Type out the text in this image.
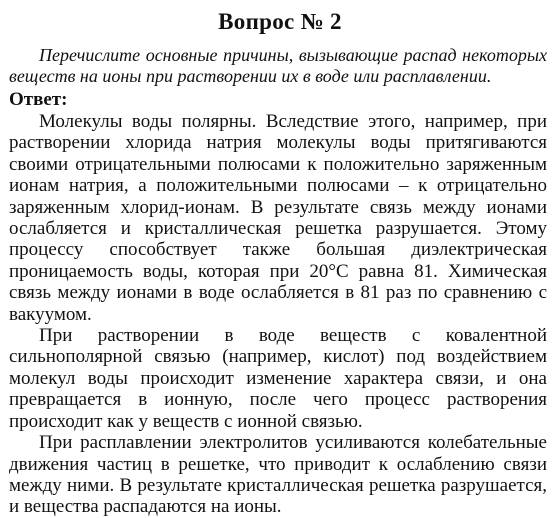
Вопрос № 2
Перечислите основные причины, вызывающие распад некоторых веществ на ионы при растворении их в воде или расплавлении.
Ответ:

Молекулы воды полярны. Вследствие этого, например, при растворении хлорида натрия молекулы воды притягиваются своими отрицательными полюсами к положительно заряженным ионам натрия, а положительными полюсами – к отрицательно заряженным хлорид-ионам. В результате связь между ионами ослабляется и кристаллическая решетка разрушается. Этому процессу способствует также большая диэлектрическая проницаемость воды, которая при 20°С равна 81. Химическая связь между ионами в воде ослабляется в 81 раз по сравнению с вакуумом.

При растворении в воде веществ с ковалентной сильнополярной связью (например, кислот) под воздействием молекул воды происходит изменение характера связи, и она превращается в ионную, после чего процесс растворения происходит как у веществ с ионной связью.

При расплавлении электролитов усиливаются колебательные движения частиц в решетке, что приводит к ослаблению связи между ними. В результате кристаллическая решетка разрушается, и вещества распадаются на ионы.
